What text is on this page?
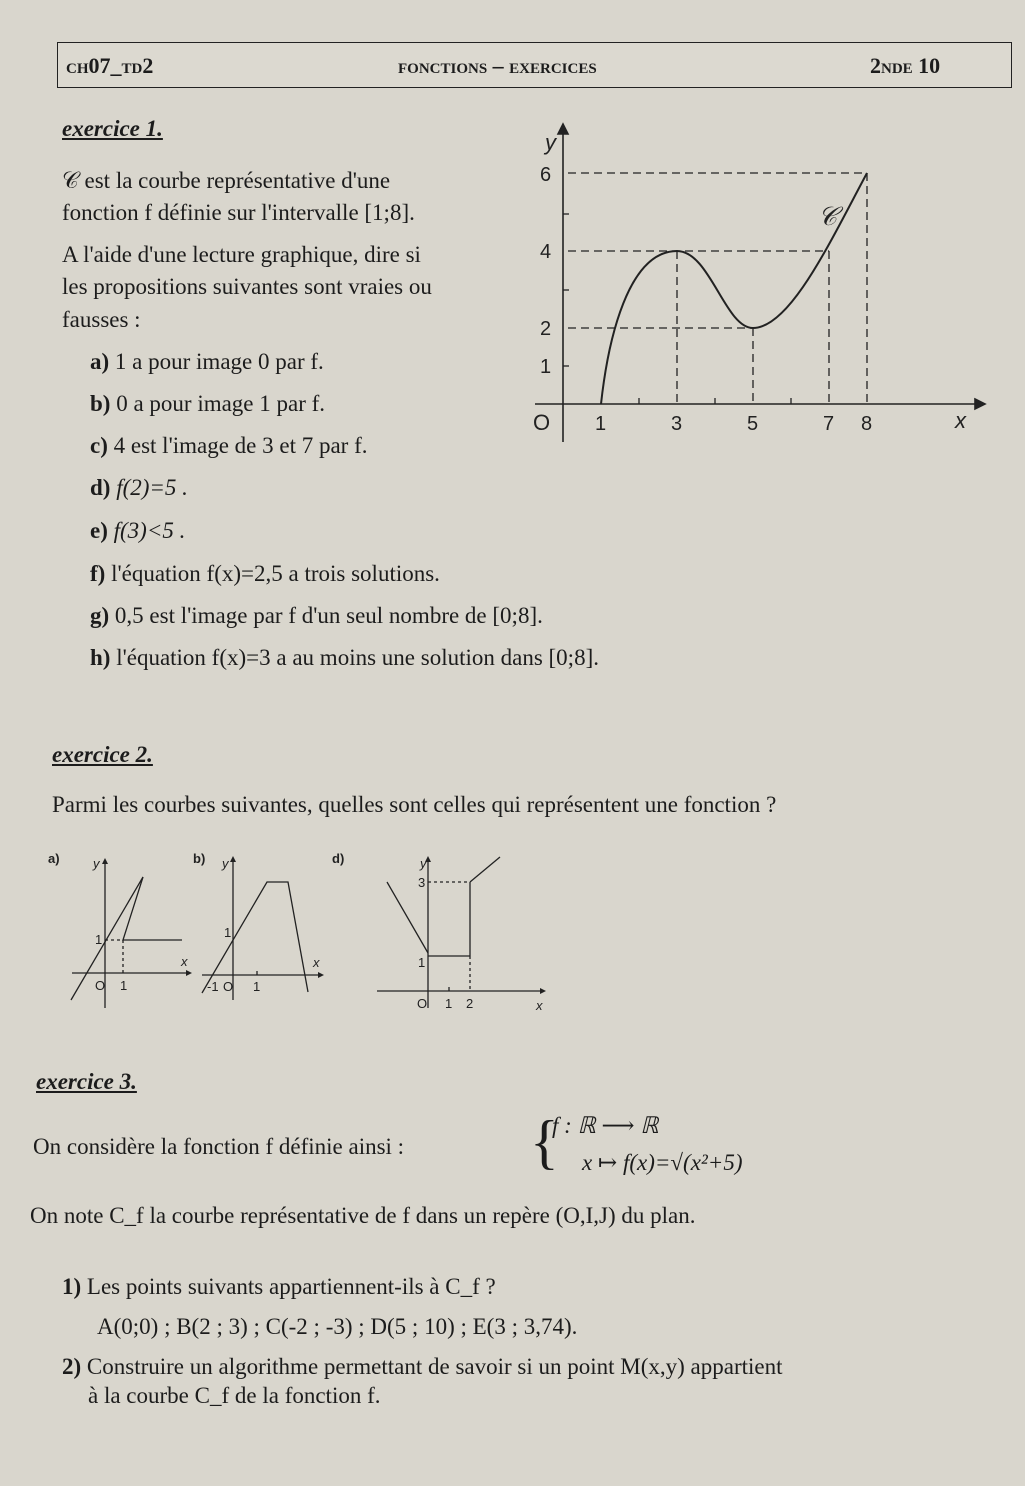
ch07_td2	fonctions – exercices	2nde 10
exercice 1.
𝒞 est la courbe représentative d'une
fonction f définie sur l'intervalle [1;8].
A l'aide d'une lecture graphique, dire si
les propositions suivantes sont vraies ou
fausses :
a) 1 a pour image 0 par f.
b) 0 a pour image 1 par f.
c) 4 est l'image de 3 et 7 par f.
d) f(2)=5 .
e) f(3)<5 .
f) l'équation f(x)=2,5 a trois solutions.
g) 0,5 est l'image par f d'un seul nombre de [0;8].
h) l'équation f(x)=3 a au moins une solution dans [0;8].
y
x
O
𝒞
1
2
4
6
1	3	5	7 8
exercice 2.
Parmi les courbes suivantes, quelles sont celles qui représentent une fonction ?
a)	y
x
O
1
1
b) y
x
O
-1
1
1
d)	y
x
O
3
1
1 2
exercice 3.
On considère la fonction f définie ainsi : {
f : ℝ ⟶ ℝ
x ↦ f(x)=√(x²+5)
On note C_f la courbe représentative de f dans un repère (O,I,J) du plan.
1) Les points suivants appartiennent-ils à C_f ?
A(0;0) ; B(2 ; 3) ; C(-2 ; -3) ; D(5 ; 10) ; E(3 ; 3,74).
2) Construire un algorithme permettant de savoir si un point M(x,y) appartient
à la courbe C_f de la fonction f.
